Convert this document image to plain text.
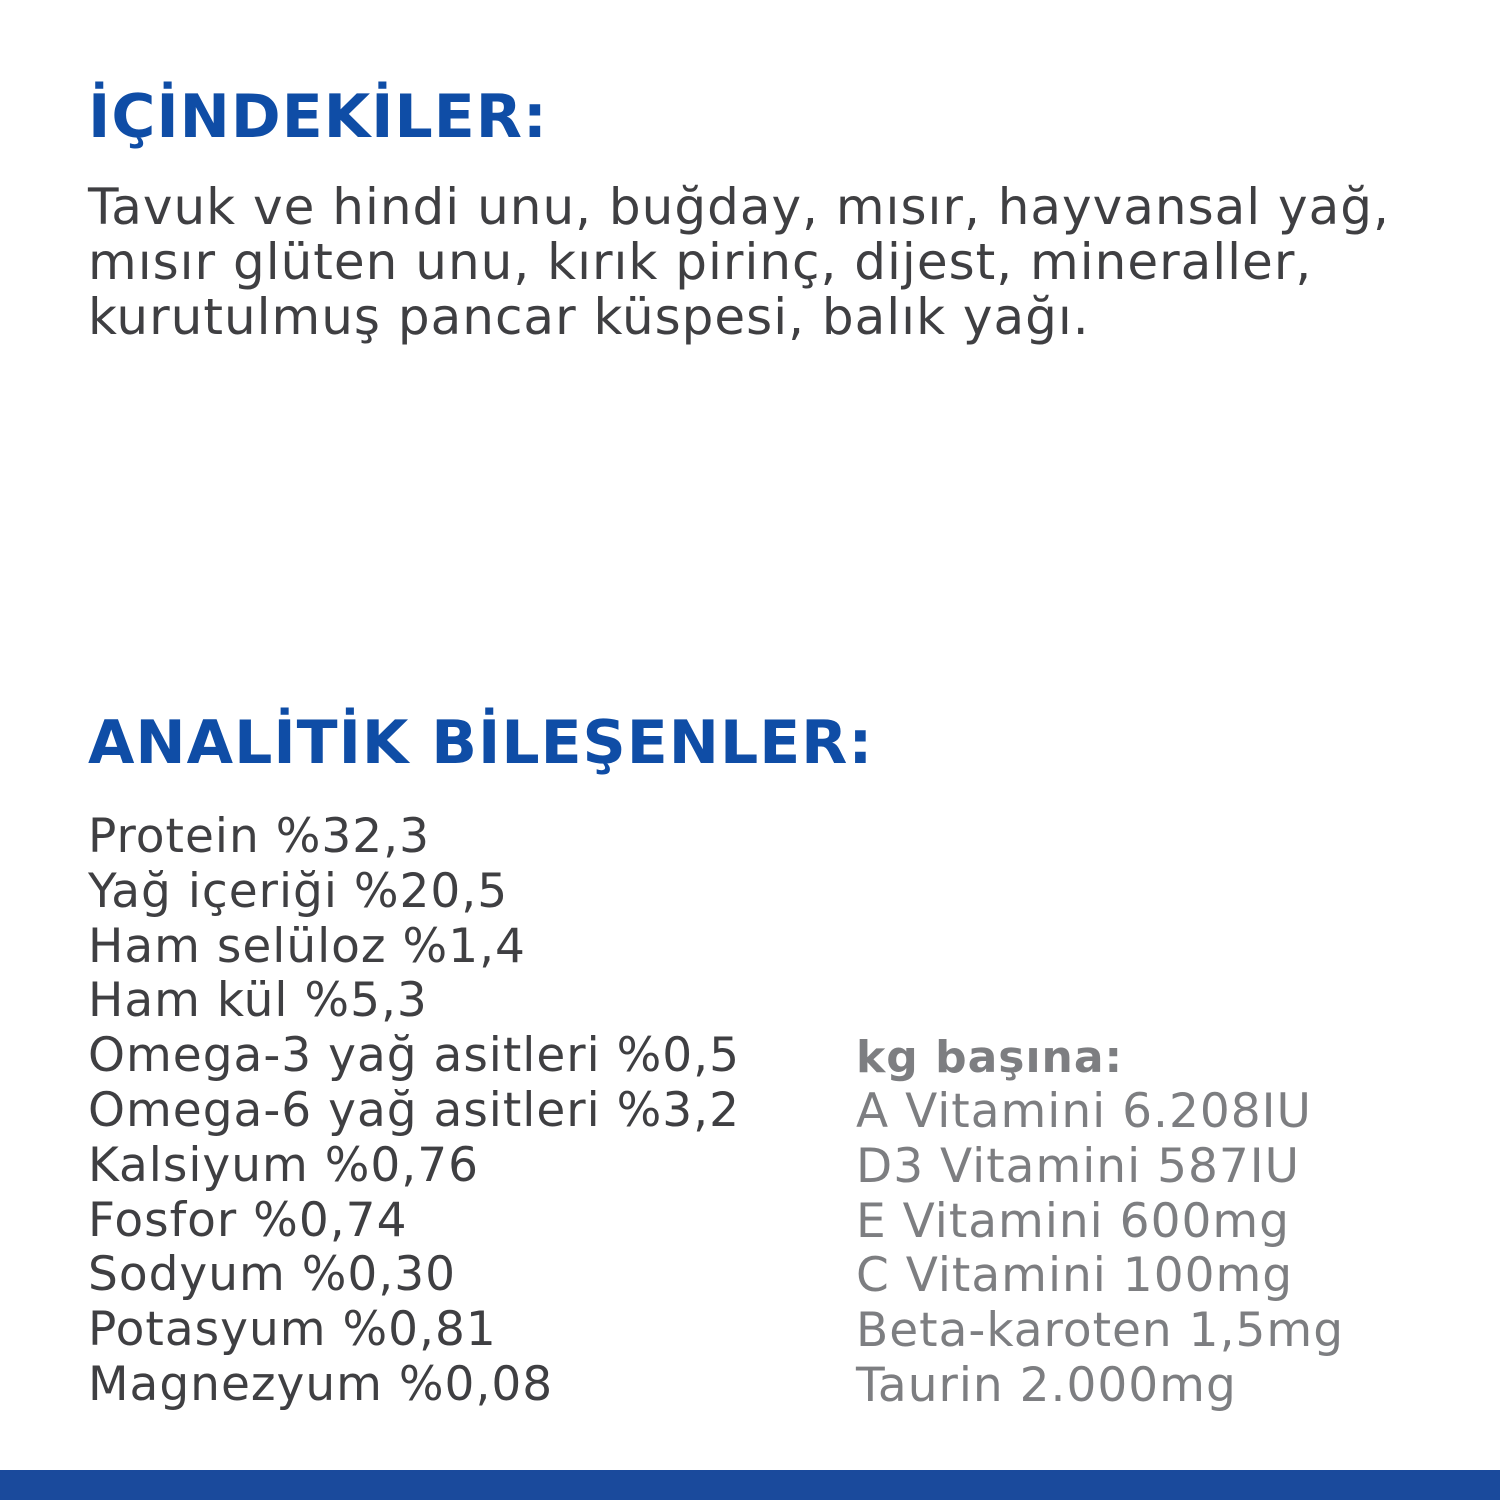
İÇİNDEKİLER:

Tavuk ve hindi unu, buğday, mısır, hayvansal yağ,
mısır glüten unu, kırık pirinç, dijest, mineraller,
kurutulmuş pancar küspesi, balık yağı.

ANALİTİK BİLEŞENLER:
Protein %32,3
Yağ içeriği %20,5
Ham selüloz %1,4
Ham kül %5,3
Omega-3 yağ asitleri %0,5
Omega-6 yağ asitleri %3,2
Kalsiyum %0,76
Fosfor %0,74
Sodyum %0,30
Potasyum %0,81
Magnezyum %0,08
kg başına:
A Vitamini 6.208IU
D3 Vitamini 587IU
E Vitamini 600mg
C Vitamini 100mg
Beta-karoten 1,5mg
Taurin 2.000mg
